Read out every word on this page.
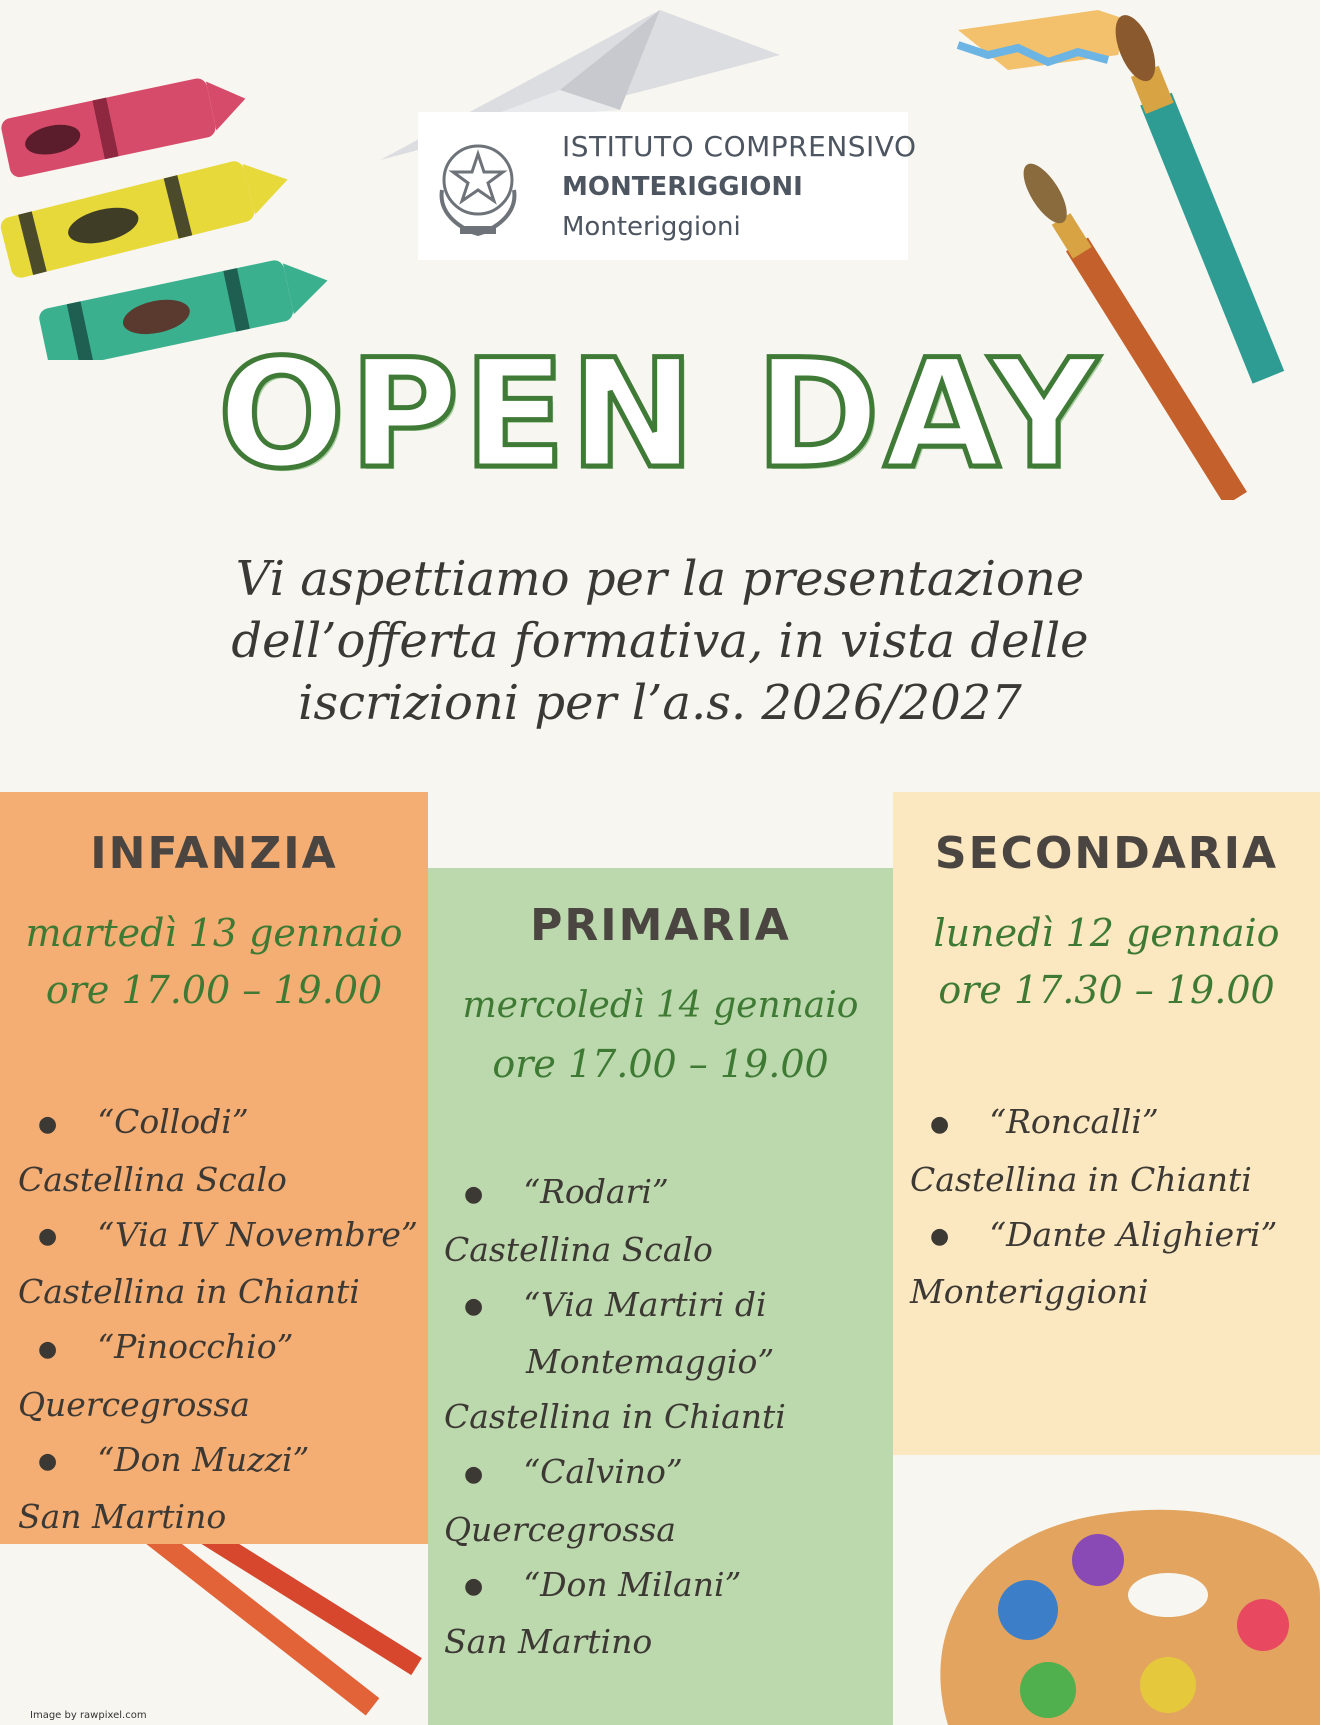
ISTITUTO COMPRENSIVO
MONTERIGGIONI
Monteriggioni
OPEN DAY
Vi aspettiamo per la presentazione
dell’offerta formativa, in vista delle
iscrizioni per l’a.s. 2026/2027
INFANZIA
martedì 13 gennaio
ore 17.00 – 19.00
● “Collodi”
Castellina Scalo
● “Via IV Novembre”
Castellina in Chianti
● “Pinocchio”
Quercegrossa
● “Don Muzzi”
San Martino
PRIMARIA
mercoledì 14 gennaio
ore 17.00 – 19.00
● “Rodari”
Castellina Scalo
● “Via Martiri di
Montemaggio”
Castellina in Chianti
● “Calvino”
Quercegrossa
● “Don Milani”
San Martino
SECONDARIA
lunedì 12 gennaio
ore 17.30 – 19.00
● “Roncalli”
Castellina in Chianti
● “Dante Alighieri”
Monteriggioni
Image by rawpixel.com
